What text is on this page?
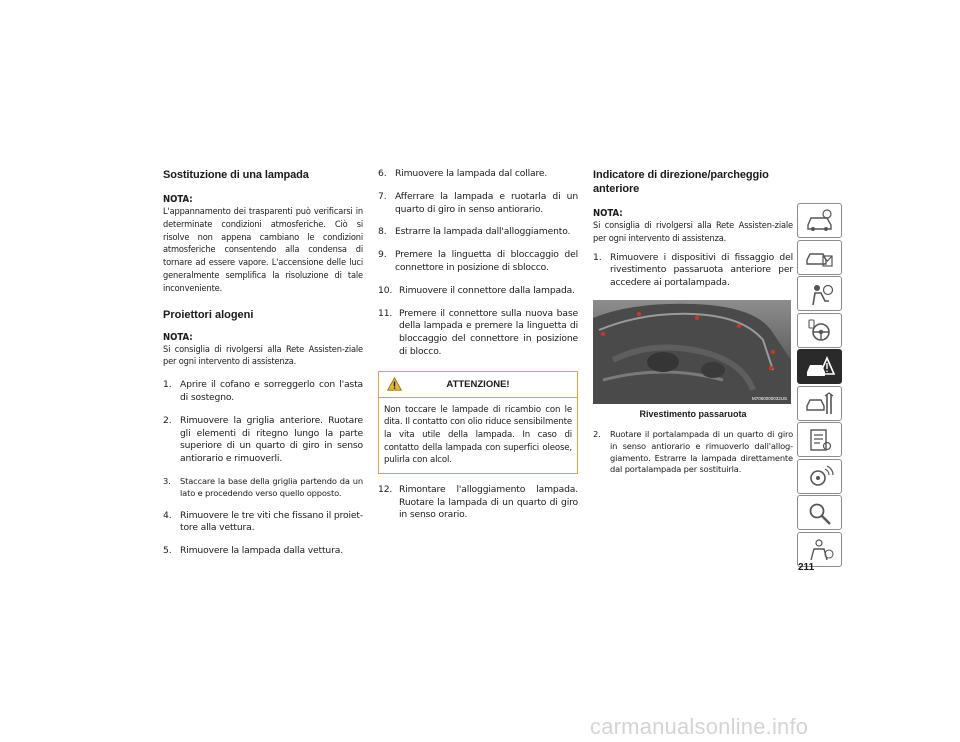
Sostituzione di una lampada
NOTA:
L'appannamento dei trasparenti può verificarsi in determinate condizioni atmosferiche. Ciò si risolve non appena cambiano le condizioni atmosferiche consentendo alla condensa di tornare ad essere vapore. L'accensione delle luci generalmente semplifica la risoluzione di tale inconveniente.
Proiettori alogeni
NOTA:
Si consiglia di rivolgersi alla Rete Assisten-ziale per ogni intervento di assistenza.
1. Aprire il cofano e sorreggerlo con l'asta di sostegno.
2. Rimuovere la griglia anteriore. Ruotare gli elementi di ritegno lungo la parte superiore di un quarto di giro in senso antiorario e rimuoverli.
3.	Staccare la base della griglia partendo da un lato e procedendo verso quello opposto.
4. Rimuovere le tre viti che fissano il proiet-tore alla vettura.
5. Rimuovere la lampada dalla vettura.
6. Rimuovere la lampada dal collare.
7. Afferrare la lampada e ruotarla di un quarto di giro in senso antiorario.
8. Estrarre la lampada dall'alloggiamento.
9. Premere la linguetta di bloccaggio del connettore in posizione di sblocco.
10. Rimuovere il connettore dalla lampada.
11. Premere il connettore sulla nuova base della lampada e premere la linguetta di bloccaggio del connettore in posizione di blocco.
ATTENZIONE!
Non toccare le lampade di ricambio con le dita. Il contatto con olio riduce sensibilmente la vita utile della lampada. In caso di contatto della lampada con superfici oleose, pulirla con alcol.
12. Rimontare l'alloggiamento lampada. Ruotare la lampada di un quarto di giro in senso orario.
Indicatore di direzione/parcheggio anteriore
NOTA:
Si consiglia di rivolgersi alla Rete Assisten-ziale per ogni intervento di assistenza.
1. Rimuovere i dispositivi di fissaggio del rivestimento passaruota anteriore per accedere ai portalampada.
M7050000032US
Rivestimento passaruota
2.	Ruotare il portalampada di un quarto di giro in senso antiorario e rimuoverlo dall'allog-giamento. Estrarre la lampada direttamente dal portalampada per sostituirla.
211
carmanualsonline.info
